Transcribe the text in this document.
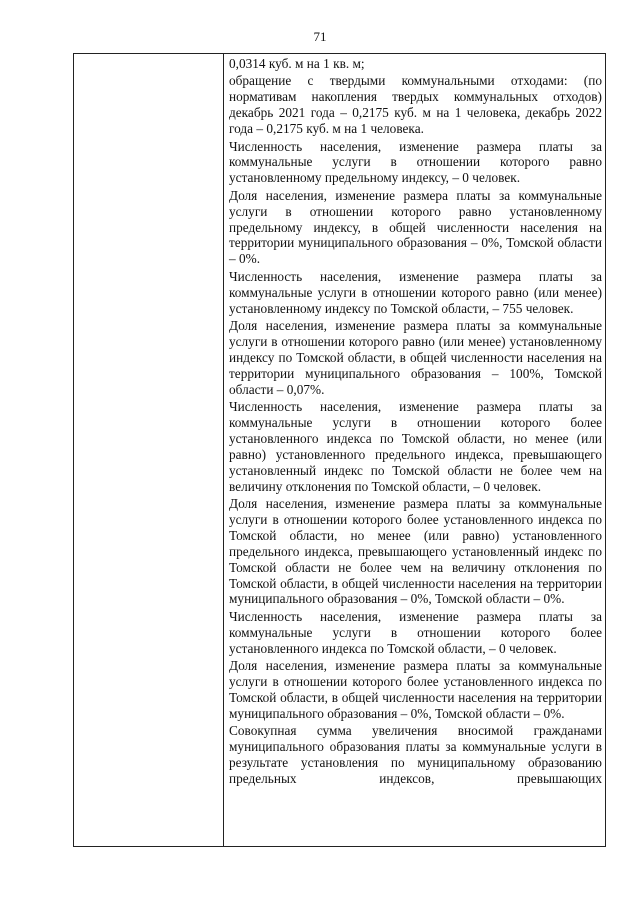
71

0,0314 куб. м на 1 кв. м;

обращение с твердыми коммунальными отходами: (по нормативам накопления твердых коммунальных отходов) декабрь 2021 года – 0,2175 куб. м на 1 человека, декабрь 2022 года – 0,2175 куб. м на 1 человека.

Численность населения, изменение размера платы за коммунальные услуги в отношении которого равно установленному предельному индексу, – 0 человек.

Доля населения, изменение размера платы за коммунальные услуги в отношении которого равно установленному предельному индексу, в общей численности населения на территории муниципального образования – 0%, Томской области – 0%.

Численность населения, изменение размера платы за коммунальные услуги в отношении которого равно (или менее) установленному индексу по Томской области, – 755 человек.

Доля населения, изменение размера платы за коммунальные услуги в отношении которого равно (или менее) установленному индексу по Томской области, в общей численности населения на территории муниципального образования – 100%, Томской области – 0,07%.

Численность населения, изменение размера платы за коммунальные услуги в отношении которого более установленного индекса по Томской области, но менее (или равно) установленного предельного индекса, превышающего установленный индекс по Томской области не более чем на величину отклонения по Томской области, – 0 человек.

Доля населения, изменение размера платы за коммунальные услуги в отношении которого более установленного индекса по Томской области, но менее (или равно) установленного предельного индекса, превышающего установленный индекс по Томской области не более чем на величину отклонения по Томской области, в общей численности населения на территории муниципального образования – 0%, Томской области – 0%.

Численность населения, изменение размера платы за коммунальные услуги в отношении которого более установленного индекса по Томской области, – 0 человек.

Доля населения, изменение размера платы за коммунальные услуги в отношении которого более установленного индекса по Томской области, в общей численности населения на территории муниципального образования – 0%, Томской области – 0%.

Совокупная сумма увеличения вносимой гражданами муниципального образования платы за коммунальные услуги в результате установления по муниципальному образованию предельных индексов, превышающих
